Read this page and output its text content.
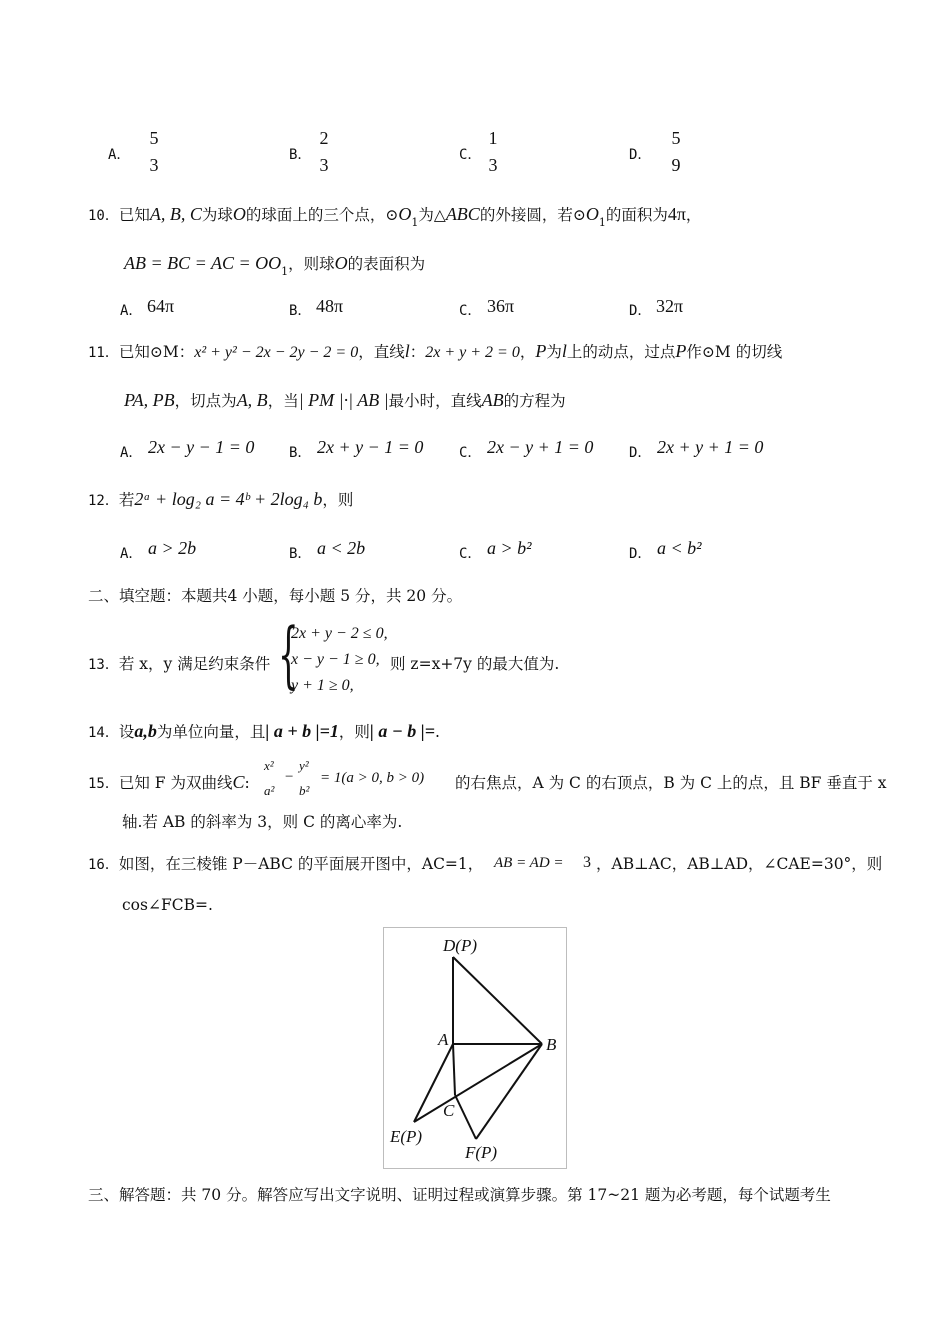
A．
5
3	B．
2
3	C．
1
3	D．
5
9
10．已知A, B, C为球O的球面上的三个点，$⊙O_1$为△ABC的外接圆，若$⊙O_1$的面积为4π，
AB = BC = AC = $OO_1$，则球O的表面积为
A． 64π	B． 48π	C． 36π	D． 32π
11．已知⊙M：x² + y² − 2x − 2y − 2 = 0，直线l：2x + y + 2 = 0，P为l上的动点，过点P作⊙M 的切线
PA, PB，切点为A, B，当| PM |·| AB |最小时，直线AB的方程为
A． 2x − y − 1 = 0 B． 2x + y − 1 = 0	C． 2x − y + 1 = 0	D． 2x + y + 1 = 0
12．若2ᵃ + log₂ a = 4ᵇ + 2log₄ b，则
A． a > 2b	B． a < 2b	C． a > b²	D． a < b²
二、填空题：本题共4 小题，每小题 5 分，共 20 分。
13．若 x，y 满足约束条件 {
2x + y − 2 ≤ 0,
x − y − 1 ≥ 0,
y + 1 ≥ 0,
则 z=x+7y 的最大值为.
14．设a,b为单位向量，且| a + b |=1，则| a − b |=.
15．已知 F 为双曲线C:
x²
a²
−
y²
b²
= 1(a > 0, b > 0) 的右焦点，A 为 C 的右顶点，B 为 C 上的点，且 BF 垂直于 x
轴.若 AB 的斜率为 3，则 C 的离心率为.
16．如图，在三棱锥 P－ABC 的平面展开图中，AC=1， AB = AD = 3 ，AB⊥AC，AB⊥AD，∠CAE=30°，则
cos∠FCB=.
D(P)
A	B
C
E(P)
F(P)
三、解答题：共 70 分。解答应写出文字说明、证明过程或演算步骤。第 17~21 题为必考题，每个试题考生
